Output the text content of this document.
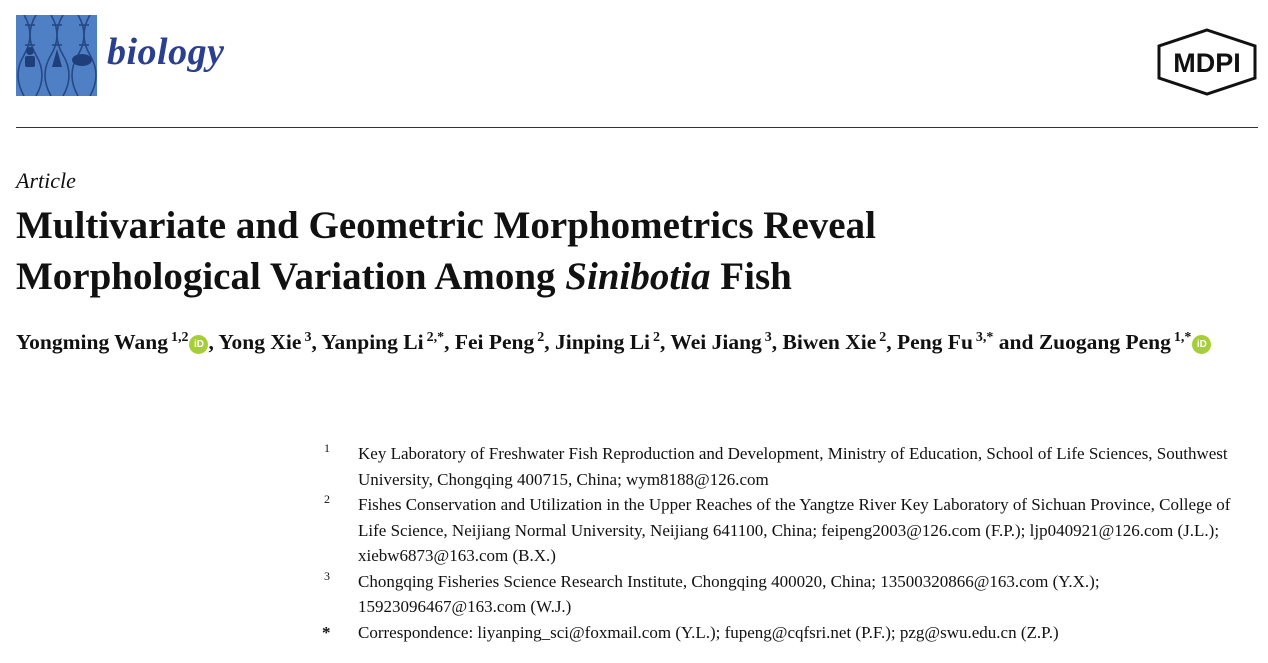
biology	MDPI
Article
Multivariate and Geometric Morphometrics Reveal
Morphological Variation Among Sinibotia Fish
Yongming Wang $^{1,2}$ iD , Yong Xie $^3$, Yanping Li $^{2,*}$, Fei Peng $^2$, Jinping Li $^2$, Wei Jiang $^3$, Biwen Xie $^2$, Peng Fu $^{3,*}$ and Zuogang Peng $^{1,*}$ iD
1 Key Laboratory of Freshwater Fish Reproduction and Development, Ministry of Education, School of Life Sciences, Southwest University, Chongqing 400715, China; wym8188@126.com
2 Fishes Conservation and Utilization in the Upper Reaches of the Yangtze River Key Laboratory of Sichuan Province, College of Life Science, Neijiang Normal University, Neijiang 641100, China; feipeng2003@126.com (F.P.); ljp040921@126.com (J.L.); xiebw6873@163.com (B.X.)
3 Chongqing Fisheries Science Research Institute, Chongqing 400020, China; 13500320866@163.com (Y.X.); 15923096467@163.com (W.J.)
* Correspondence: liyanping_sci@foxmail.com (Y.L.); fupeng@cqfsri.net (P.F.); pzg@swu.edu.cn (Z.P.)
